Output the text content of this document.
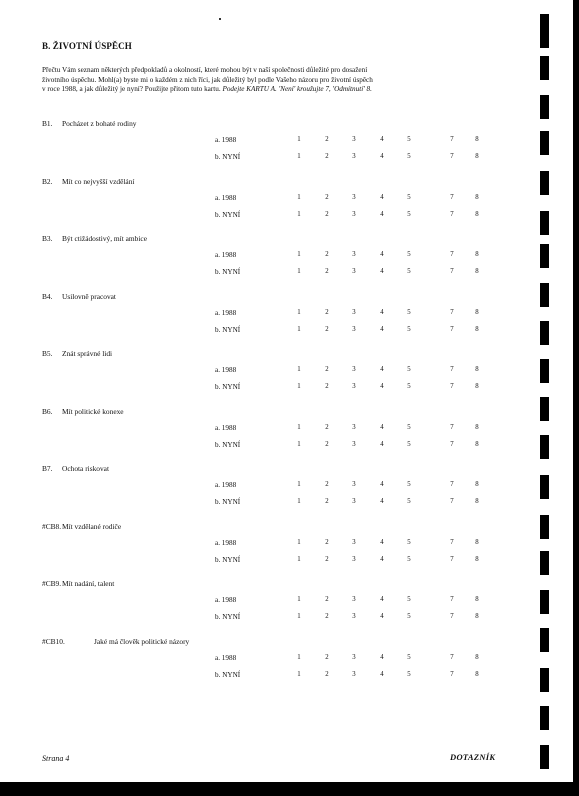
B. ŽIVOTNÍ ÚSPĚCH
Přečtu Vám seznam některých předpokladů a okolností, které mohou být v naší společnosti důležité pro dosažení
životního úspěchu. Mohl(a) byste mi o každém z nich říci, jak důležitý byl podle Vašeho názoru pro životní úspěch
v roce 1988, a jak důležitý je nyní? Použijte přitom tuto kartu. Podejte KARTU A. 'Není' kroužujte 7, 'Odmítnutí' 8.
B1. Pocházet z bohaté rodiny
a. 1988	1	2	3	4	5	7	8
b. NYNÍ	1	2	3	4	5	7	8
B2. Mít co nejvyšší vzdělání
a. 1988	1	2	3	4	5	7	8
b. NYNÍ	1	2	3	4	5	7	8
B3. Být ctižádostivý, mít ambice
a. 1988	1	2	3	4	5	7	8
b. NYNÍ	1	2	3	4	5	7	8
B4. Usilovně pracovat
a. 1988	1	2	3	4	5	7	8
b. NYNÍ	1	2	3	4	5	7	8
B5. Znát správné lidi
a. 1988	1	2	3	4	5	7	8
b. NYNÍ	1	2	3	4	5	7	8
B6. Mít politické konexe
a. 1988	1	2	3	4	5	7	8
b. NYNÍ	1	2	3	4	5	7	8
B7. Ochota riskovat
a. 1988	1	2	3	4	5	7	8
b. NYNÍ	1	2	3	4	5	7	8
#CB8.Mít vzdělané rodiče
a. 1988	1	2	3	4	5	7	8
b. NYNÍ	1	2	3	4	5	7	8
#CB9.Mít nadání, talent
a. 1988	1	2	3	4	5	7	8
b. NYNÍ	1	2	3	4	5	7	8
#CB10.	Jaké má člověk politické názory
a. 1988	1	2	3	4	5	7	8
b. NYNÍ	1	2	3	4	5	7	8
Strana 4	DOTAZNÍK
